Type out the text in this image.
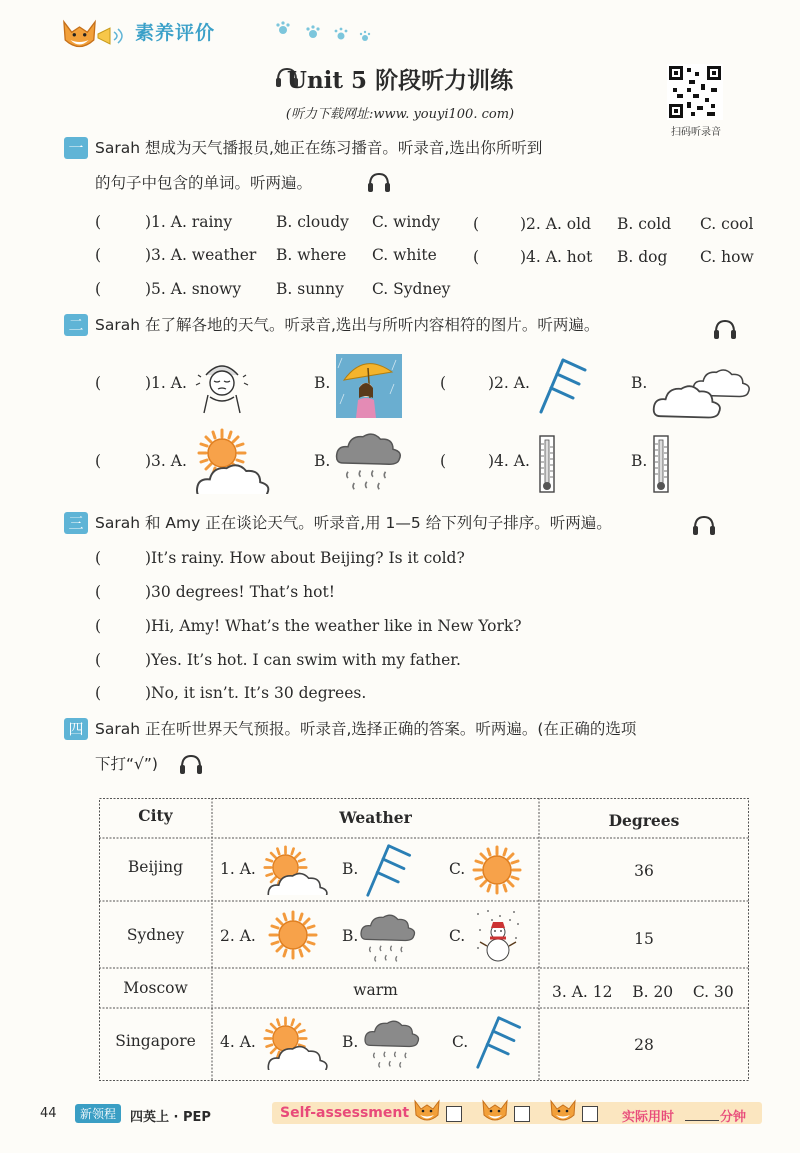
素养评价
Unit 5 阶段听力训练
(听力下载网址:www. youyi100. com)
扫码听录音
一 Sarah 想成为天气播报员,她正在练习播音。听录音,选出你所听到
的句子中包含的单词。听两遍。
(	)1. A. rainy	B. cloudy C. windy (	)2. A. old B. cold C. cool
(	)3. A. weather B. where C. white (	)4. A. hot B. dog C. how
(	)5. A. snowy B. sunny C. Sydney
二 Sarah 在了解各地的天气。听录音,选出与所听内容相符的图片。听两遍。
(	)1. A.	B.	(	)2. A.	B.
(	)3. A.	B.	(	)4. A.	B.
三 Sarah 和 Amy 正在谈论天气。听录音,用 1—5 给下列句子排序。听两遍。
(	)It’s rainy. How about Beijing? Is it cold?
(	)30 degrees! That’s hot!
(	)Hi, Amy! What’s the weather like in New York?
(	)Yes. It’s hot. I can swim with my father.
(	)No, it isn’t. It’s 30 degrees.
四 Sarah 正在听世界天气预报。听录音,选择正确的答案。听两遍。(在正确的选项
下打“√”)
City	Weather	Degrees
Beijing	1. A.	B.	C.	36
Sydney	2. A.	B.	C.	15
Moscow	warm	3. A. 12    B. 20    C. 30
Singapore	4. A.	B.	C.	28
44	新领程	四英上 · PEP	Self-assessment	实际用时	分钟
